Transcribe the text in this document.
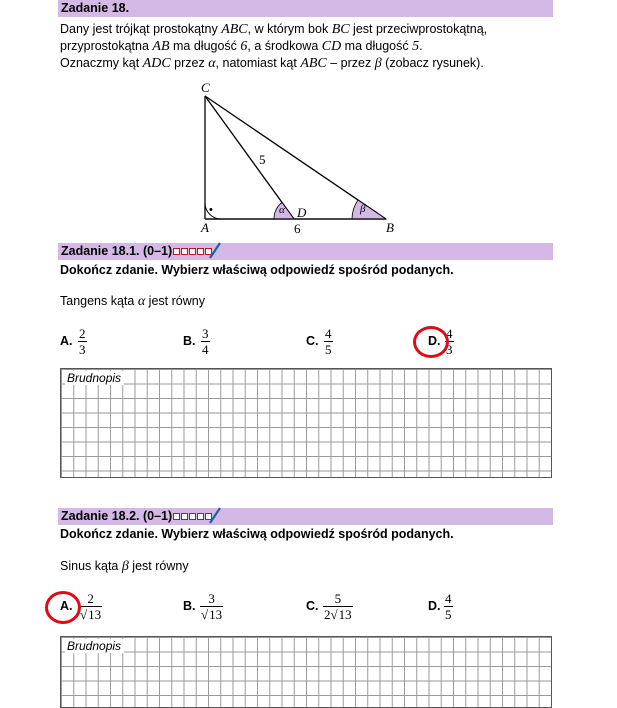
Zadanie 18.
Dany jest trójkąt prostokątny ABC, w którym bok BC jest przeciwprostokątną,
przyprostokątna AB ma długość 6, a środkowa CD ma długość 5.
Oznaczmy kąt ADC przez α, natomiast kąt ABC – przez β (zobacz rysunek).
C
A
D
B
α	β
5
6
•
Zadanie 18.1. (0–1)
Dokończ zdanie. Wybierz właściwą odpowiedź spośród podanych.
Tangens kąta α jest równy
A. 2
3
B. 3
4
C. 4
5
D. 4
3
Brudnopis
Zadanie 18.2. (0–1)
Dokończ zdanie. Wybierz właściwą odpowiedź spośród podanych.
Sinus kąta β jest równy
A. 2
√13
B. 3
√13
C. 5
2√13
D. 4
5
Brudnopis
